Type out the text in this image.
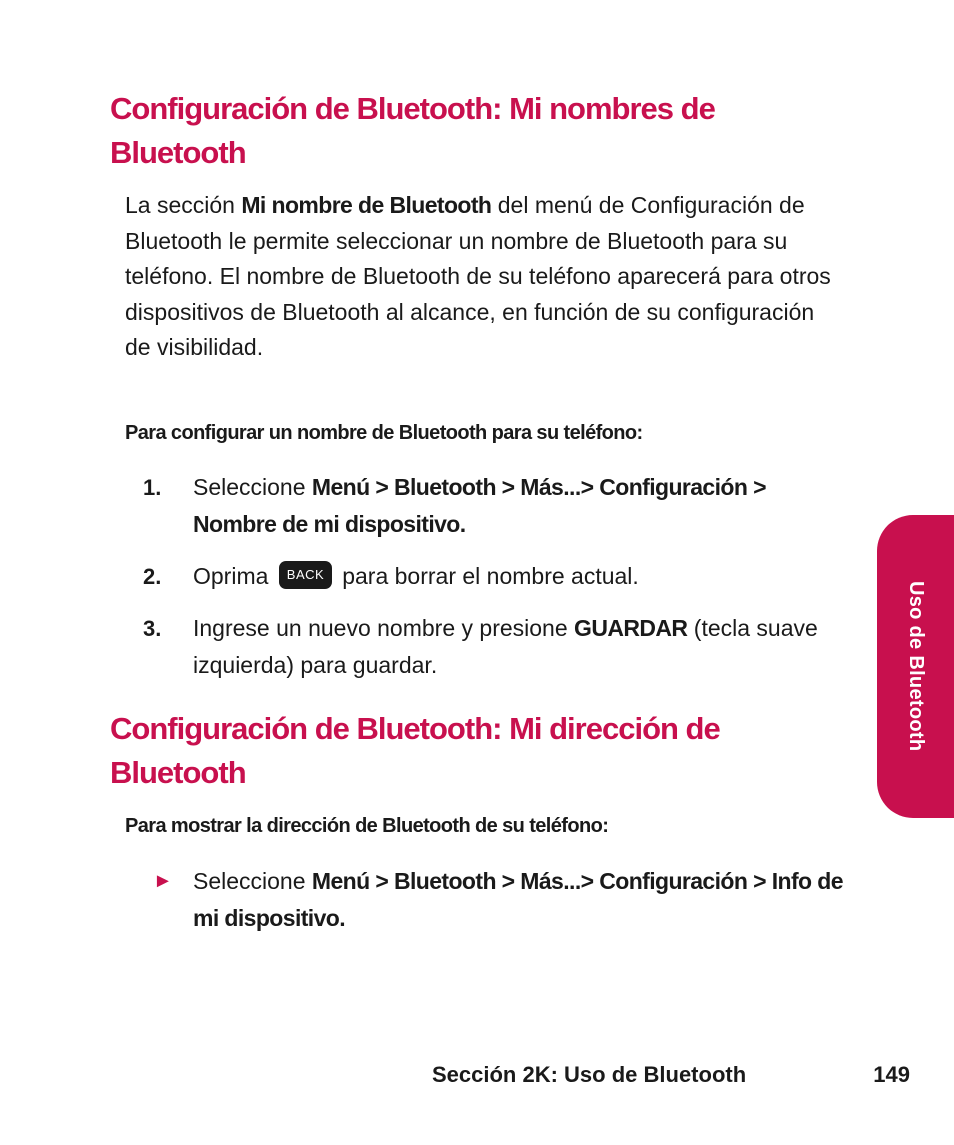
Configuración de Bluetooth: Mi nombres de Bluetooth

La sección Mi nombre de Bluetooth del menú de Configuración de Bluetooth le permite seleccionar un nombre de Bluetooth para su teléfono. El nombre de Bluetooth de su teléfono aparecerá para otros dispositivos de Bluetooth al alcance, en función de su configuración de visibilidad.

Para configurar un nombre de Bluetooth para su teléfono:

1. Seleccione Menú > Bluetooth > Más...> Configuración > Nombre de mi dispositivo.
2. Oprima BACK para borrar el nombre actual.
3. Ingrese un nuevo nombre y presione GUARDAR (tecla suave izquierda) para guardar.
Configuración de Bluetooth: Mi dirección de Bluetooth

Para mostrar la dirección de Bluetooth de su teléfono:

► Seleccione Menú > Bluetooth > Más...> Configuración > Info de mi dispositivo.
Uso de Bluetooth
Sección 2K: Uso de Bluetooth	149
